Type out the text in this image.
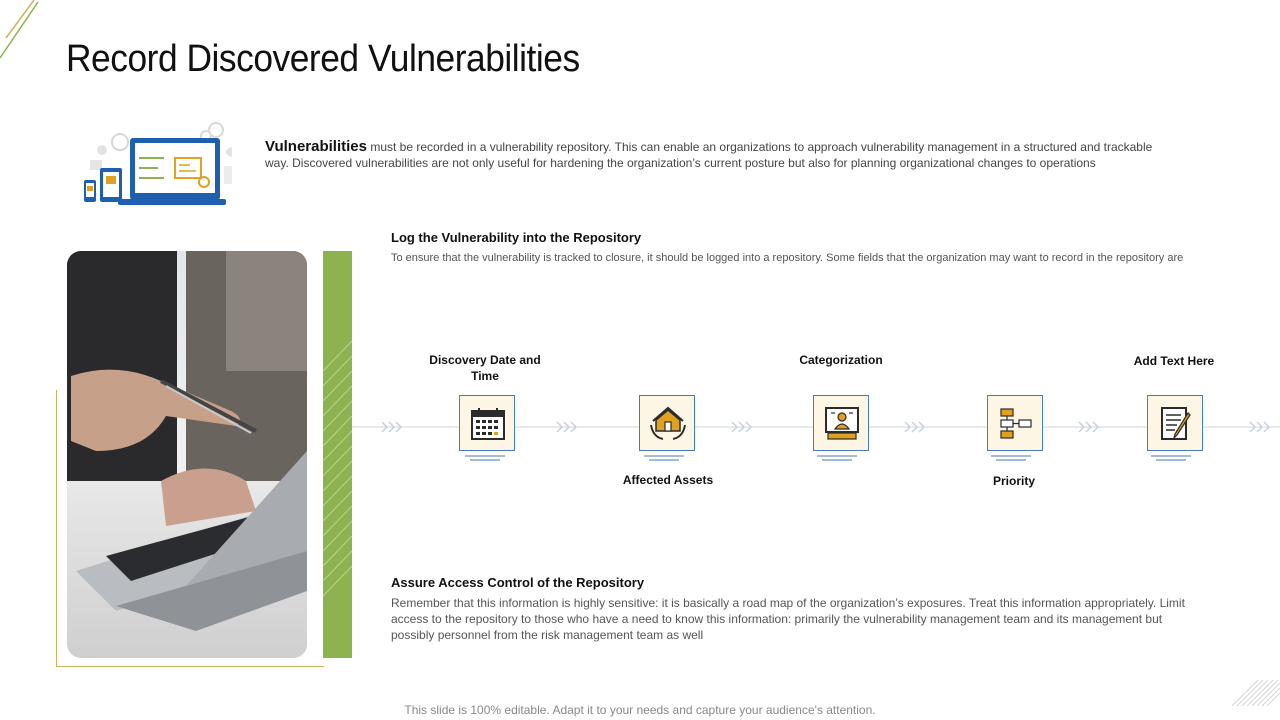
Record Discovered Vulnerabilities
Vulnerabilities must be recorded in a vulnerability repository. This can enable an organizations to approach vulnerability management in a structured and trackable way. Discovered vulnerabilities are not only useful for hardening the organization’s current posture but also for planning organizational changes to operations
Log the Vulnerability into the Repository
To ensure that the vulnerability is tracked to closure, it should be logged into a repository. Some fields that the organization may want to record in the repository are
Discovery Date and Time
Affected Assets
Categorization
Priority
Add Text Here
Assure Access Control of the Repository
Remember that this information is highly sensitive: it is basically a road map of the organization’s exposures. Treat this information appropriately. Limit access to the repository to those who have a need to know this information: primarily the vulnerability management team and its management but possibly personnel from the risk management team as well
This slide is 100% editable. Adapt it to your needs and capture your audience's attention.
